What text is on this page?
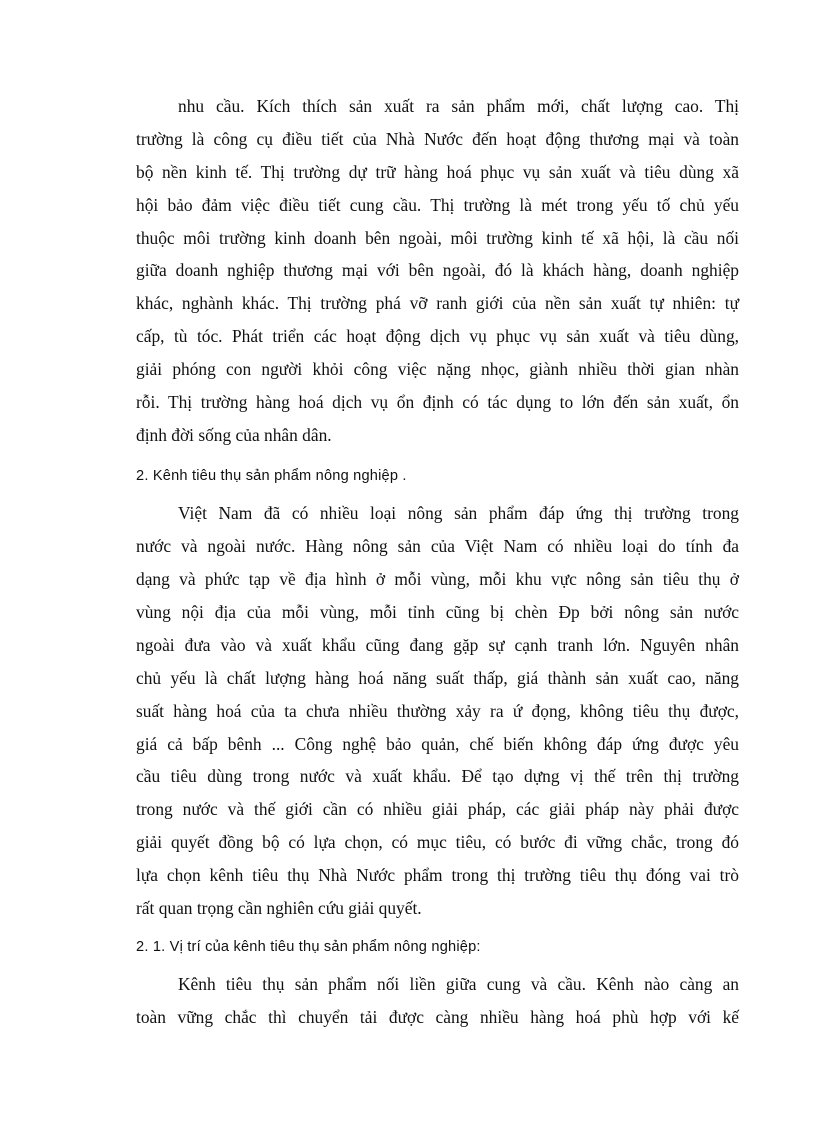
nhu cầu. Kích thích sản xuất ra sản phẩm mới, chất lượng cao. Thị
trường là công cụ điều tiết của Nhà Nước đến hoạt động thương mại và toàn
bộ nền kinh tế. Thị trường dự trữ hàng hoá phục vụ sản xuất và tiêu dùng xã
hội bảo đảm việc điều tiết cung cầu. Thị trường là mét trong yếu tố chủ yếu
thuộc môi trường kinh doanh bên ngoài, môi trường kinh tế xã hội, là cầu nối
giữa doanh nghiệp thương mại với bên ngoài, đó là khách hàng, doanh nghiệp
khác, nghành khác. Thị trường phá vỡ ranh giới của nền sản xuất tự nhiên: tự
cấp, tù tóc. Phát triển các hoạt động dịch vụ phục vụ sản xuất và tiêu dùng,
giải phóng con người khỏi công việc nặng nhọc, giành nhiều thời gian nhàn
rỗi. Thị trường hàng hoá dịch vụ ổn định có tác dụng to lớn đến sản xuất, ổn
định đời sống của nhân dân.
2. Kênh tiêu thụ sản phẩm nông nghiệp .
Việt Nam đã có nhiều loại nông sản phẩm đáp ứng thị trường trong
nước và ngoài nước. Hàng nông sản của Việt Nam có nhiều loại do tính đa
dạng và phức tạp về địa hình ở mỗi vùng, mỗi khu vực nông sản tiêu thụ ở
vùng nội địa của mỗi vùng, mỗi tỉnh cũng bị chèn Ðp bởi nông sản nước
ngoài đưa vào và xuất khẩu cũng đang gặp sự cạnh tranh lớn. Nguyên nhân
chủ yếu là chất lượng hàng hoá năng suất thấp, giá thành sản xuất cao, năng
suất hàng hoá của ta chưa nhiều thường xảy ra ứ đọng, không tiêu thụ được,
giá cả bấp bênh ... Công nghệ bảo quản, chế biến không đáp ứng được yêu
cầu tiêu dùng trong nước và xuất khẩu. Để tạo dựng vị thế trên thị trường
trong nước và thế giới cần có nhiều giải pháp, các giải pháp này phải được
giải quyết đồng bộ có lựa chọn, có mục tiêu, có bước đi vững chắc, trong đó
lựa chọn kênh tiêu thụ Nhà Nước phẩm trong thị trường tiêu thụ đóng vai trò
rất quan trọng cần nghiên cứu giải quyết.
2. 1. Vị trí của kênh tiêu thụ sản phẩm nông nghiệp:
Kênh tiêu thụ sản phẩm nối liền giữa cung và cầu. Kênh nào càng an
toàn vững chắc thì chuyển tải được càng nhiều hàng hoá phù hợp với kế
